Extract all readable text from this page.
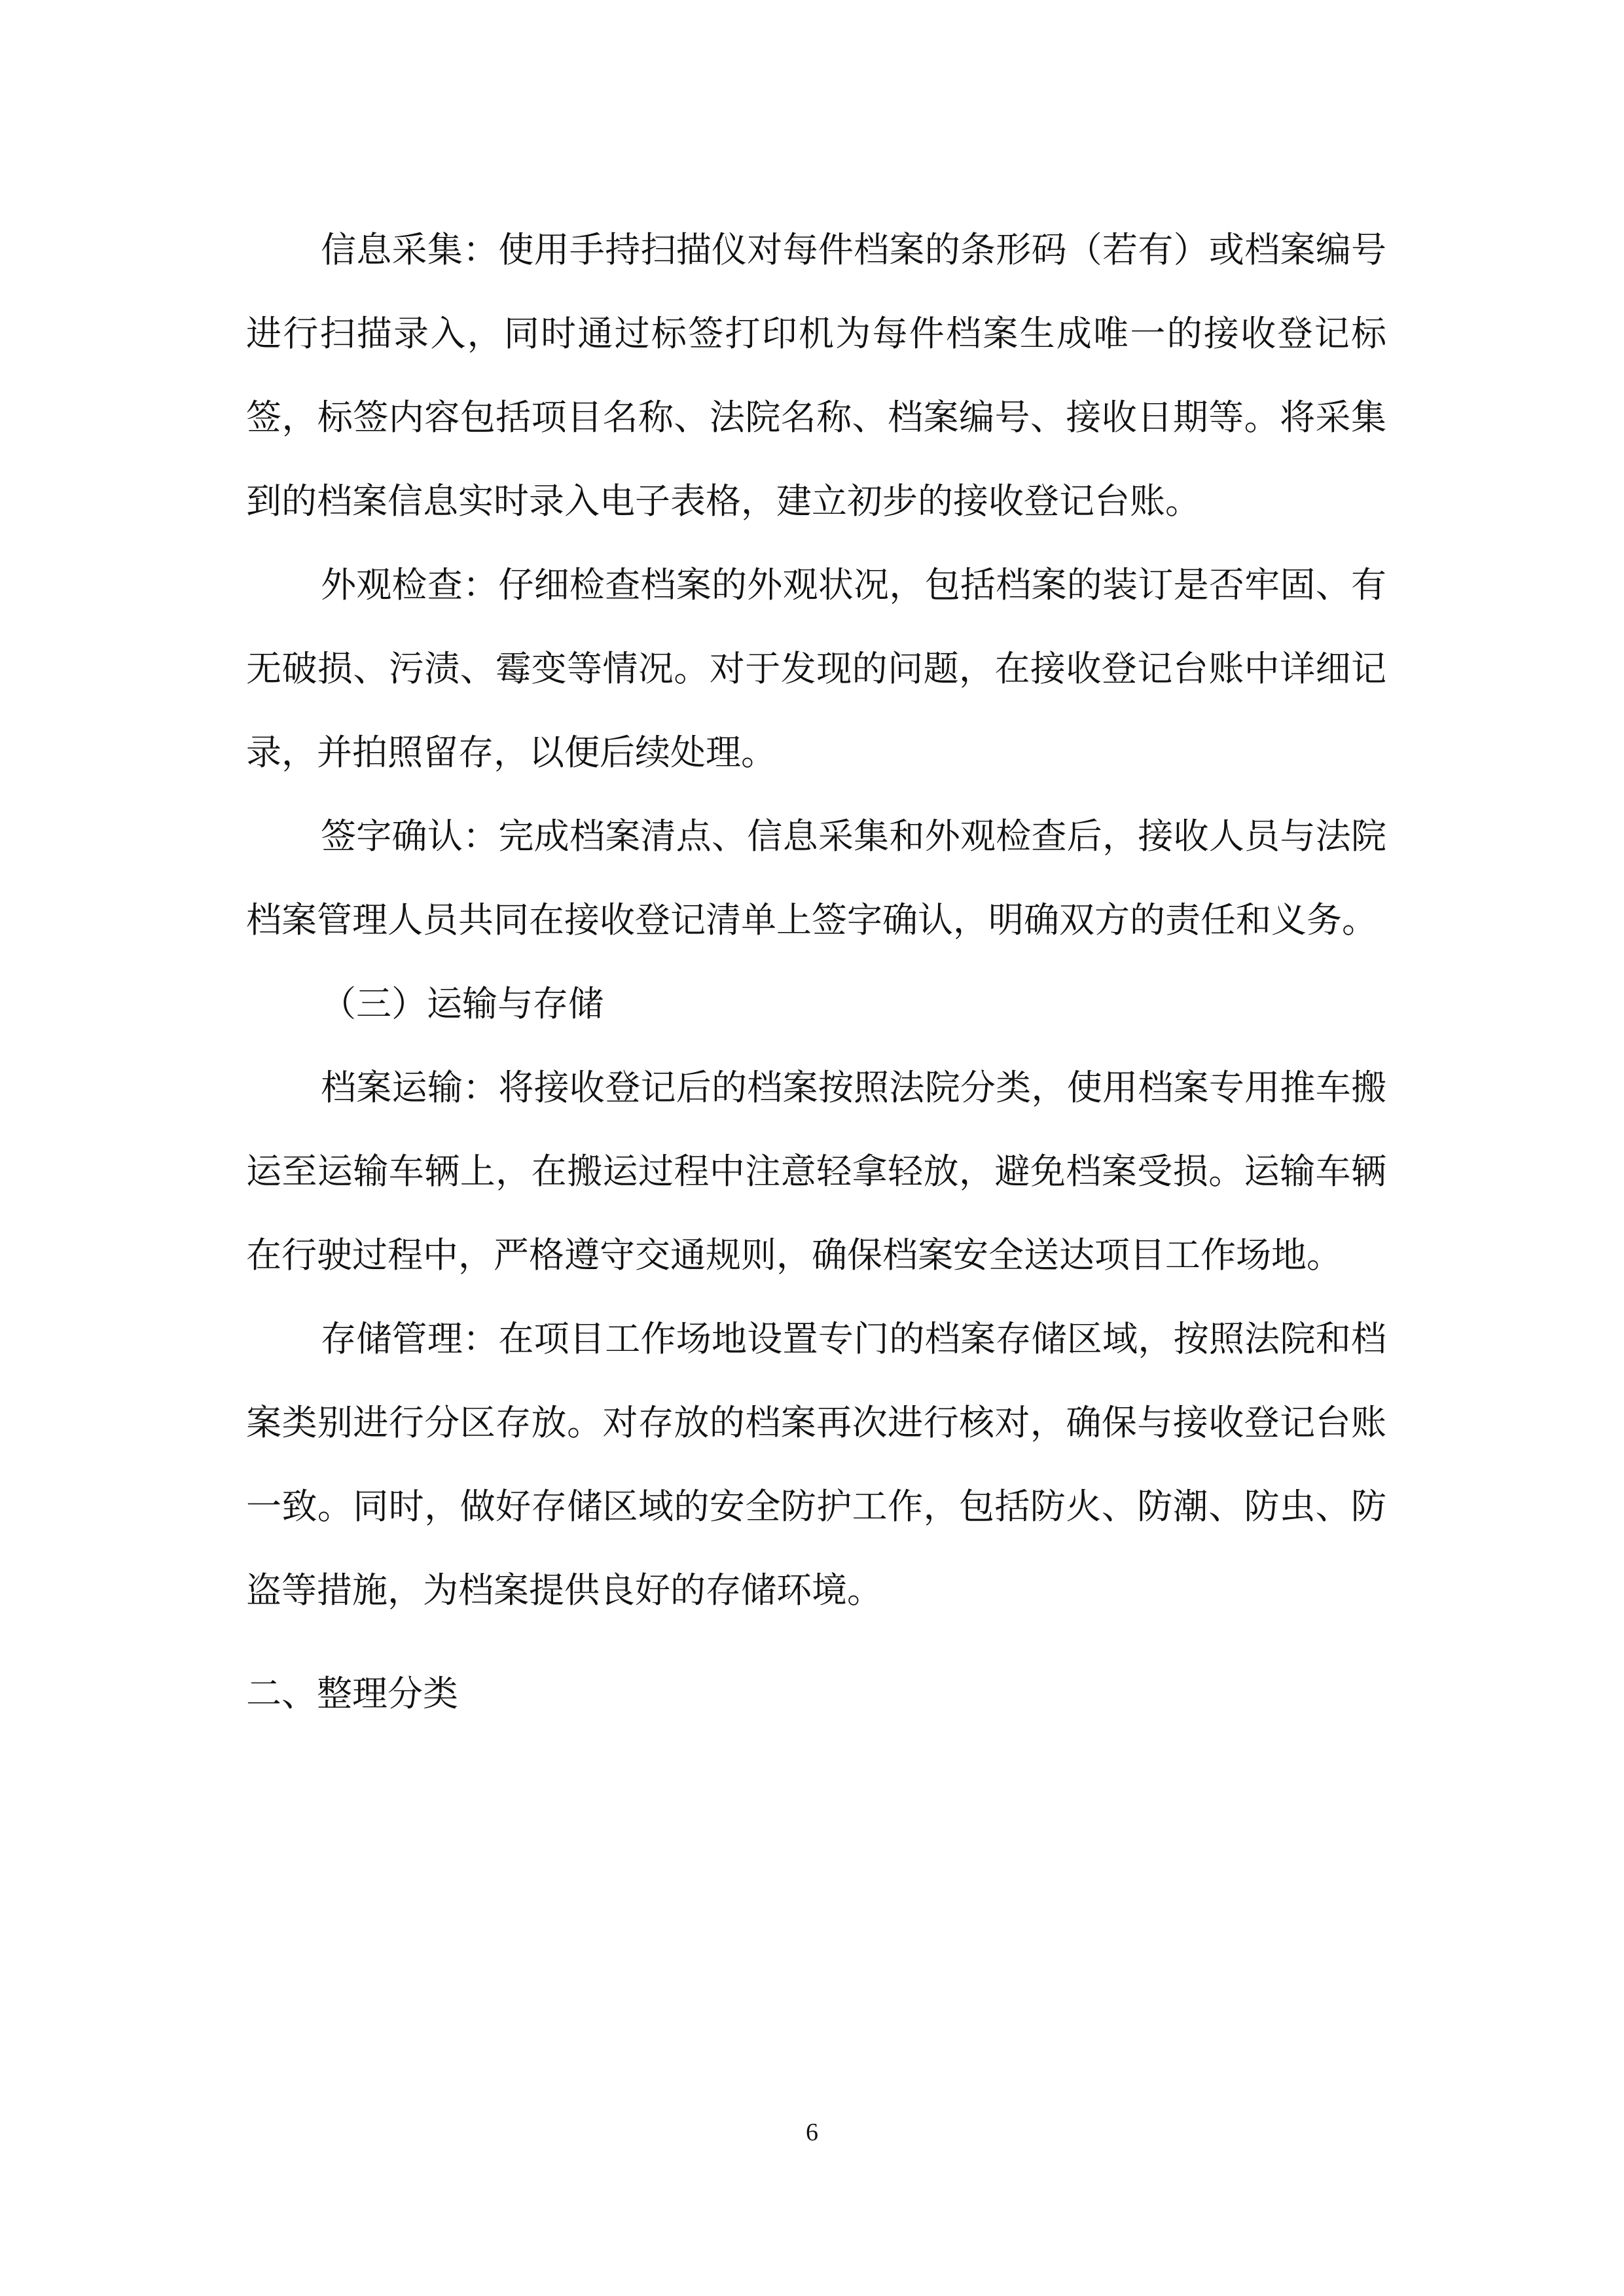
信息采集：使用手持扫描仪对每件档案的条形码（若有）或档案编号进行扫描录入，同时通过标签打印机为每件档案生成唯一的接收登记标签，标签内容包括项目名称、法院名称、档案编号、接收日期等。将采集到的档案信息实时录入电子表格，建立初步的接收登记台账。

外观检查：仔细检查档案的外观状况，包括档案的装订是否牢固、有无破损、污渍、霉变等情况。对于发现的问题，在接收登记台账中详细记录，并拍照留存，以便后续处理。

签字确认：完成档案清点、信息采集和外观检查后，接收人员与法院档案管理人员共同在接收登记清单上签字确认，明确双方的责任和义务。

（三）运输与存储

档案运输：将接收登记后的档案按照法院分类，使用档案专用推车搬运至运输车辆上，在搬运过程中注意轻拿轻放，避免档案受损。运输车辆在行驶过程中，严格遵守交通规则，确保档案安全送达项目工作场地。

存储管理：在项目工作场地设置专门的档案存储区域，按照法院和档案类别进行分区存放。对存放的档案再次进行核对，确保与接收登记台账一致。同时，做好存储区域的安全防护工作，包括防火、防潮、防虫、防盗等措施，为档案提供良好的存储环境。

二、整理分类

6
